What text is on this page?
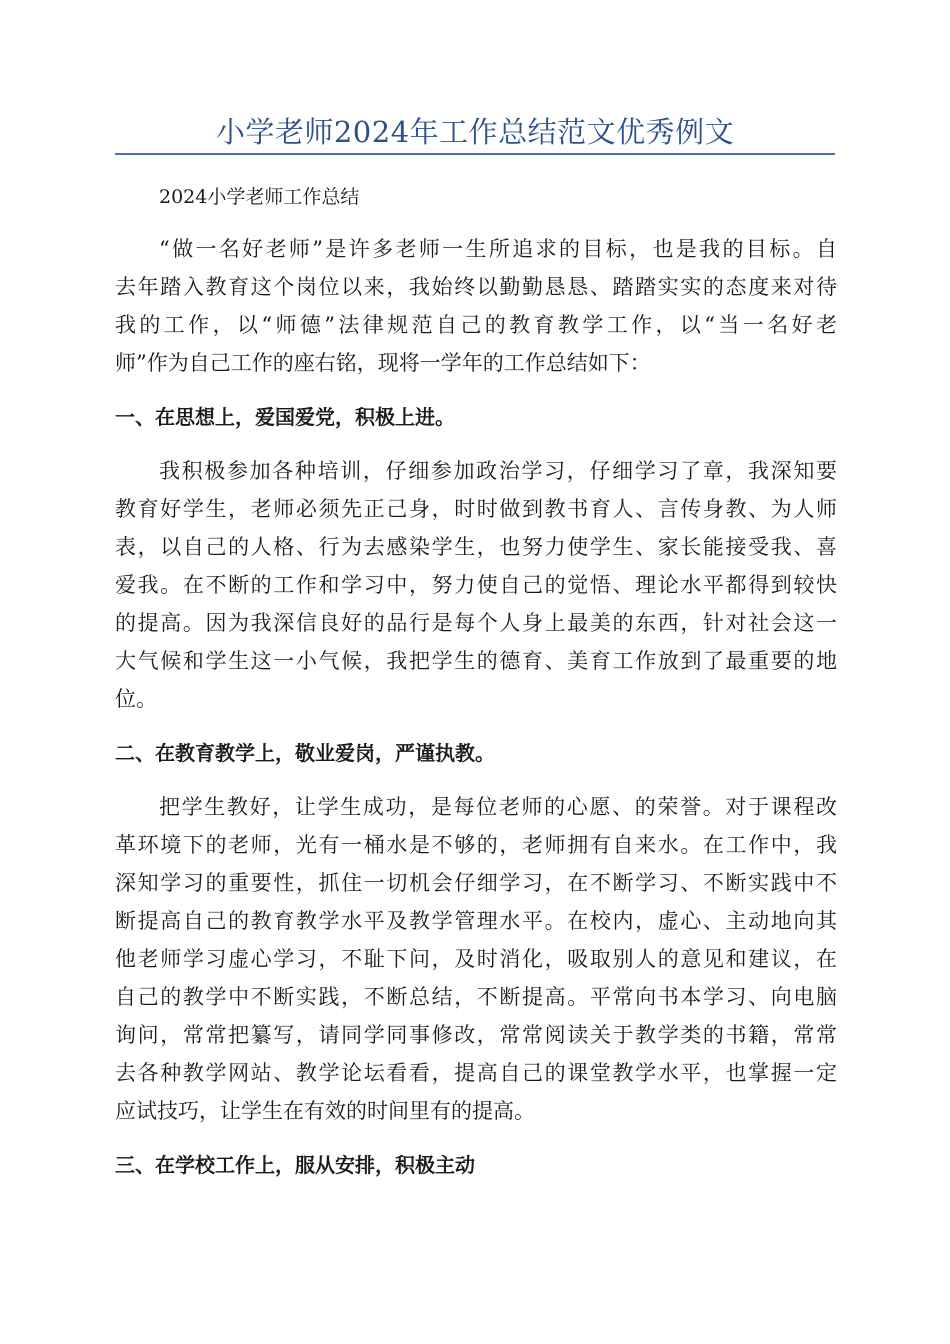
小学老师2024年工作总结范文优秀例文

2024小学老师工作总结

“做一名好老师”是许多老师一生所追求的目标，也是我的目标。自
去年踏入教育这个岗位以来，我始终以勤勤恳恳、踏踏实实的态度来对待
我的工作，以“师德”法律规范自己的教育教学工作，以“当一名好老
师”作为自己工作的座右铭，现将一学年的工作总结如下：

一、在思想上，爱国爱党，积极上进。

我积极参加各种培训，仔细参加政治学习，仔细学习了章，我深知要
教育好学生，老师必须先正己身，时时做到教书育人、言传身教、为人师
表，以自己的人格、行为去感染学生，也努力使学生、家长能接受我、喜
爱我。在不断的工作和学习中，努力使自己的觉悟、理论水平都得到较快
的提高。因为我深信良好的品行是每个人身上最美的东西，针对社会这一
大气候和学生这一小气候，我把学生的德育、美育工作放到了最重要的地
位。

二、在教育教学上，敬业爱岗，严谨执教。

把学生教好，让学生成功，是每位老师的心愿、的荣誉。对于课程改
革环境下的老师，光有一桶水是不够的，老师拥有自来水。在工作中，我
深知学习的重要性，抓住一切机会仔细学习，在不断学习、不断实践中不
断提高自己的教育教学水平及教学管理水平。在校内，虚心、主动地向其
他老师学习虚心学习，不耻下问，及时消化，吸取别人的意见和建议，在
自己的教学中不断实践，不断总结，不断提高。平常向书本学习、向电脑
询问，常常把纂写，请同学同事修改，常常阅读关于教学类的书籍，常常
去各种教学网站、教学论坛看看，提高自己的课堂教学水平，也掌握一定
应试技巧，让学生在有效的时间里有的提高。

三、在学校工作上，服从安排，积极主动
